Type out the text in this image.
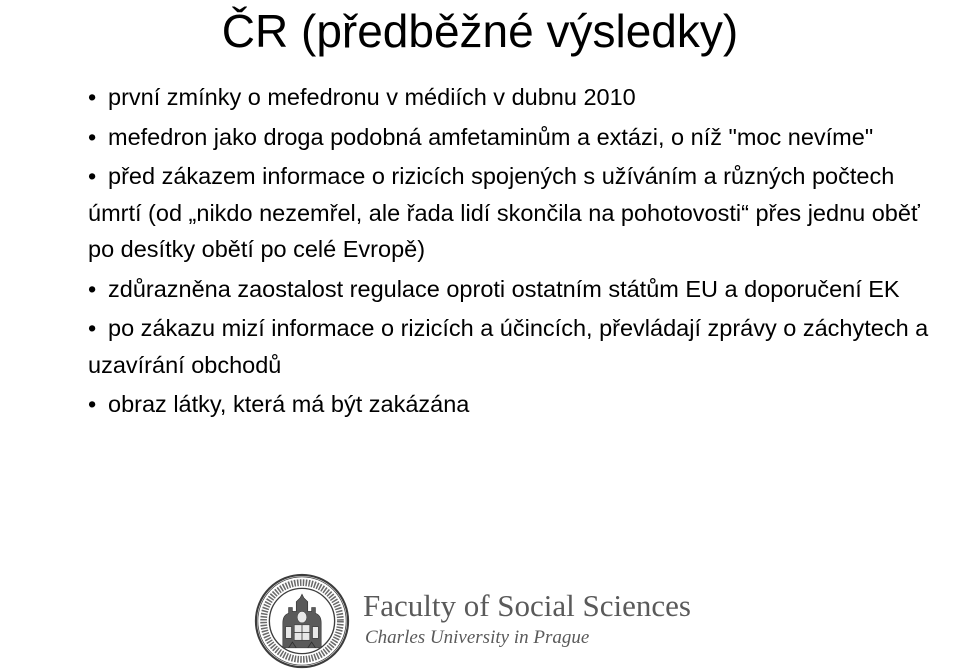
ČR (předběžné výsledky)
• první zmínky o mefedronu v médiích v dubnu 2010
• mefedron jako droga podobná amfetaminům a extázi, o níž "moc nevíme"
• před zákazem informace o rizicích spojených s užíváním a různých počtech úmrtí (od „nikdo nezemřel, ale řada lidí skončila na pohotovosti“ přes jednu oběť po desítky obětí po celé Evropě)
• zdůrazněna zaostalost regulace oproti ostatním státům EU a doporučení EK
• po zákazu mizí informace o rizicích a účincích, převládají zprávy o záchytech a uzavírání obchodů
• obraz látky, která má být zakázána
Faculty of Social Sciences
Charles University in Prague
